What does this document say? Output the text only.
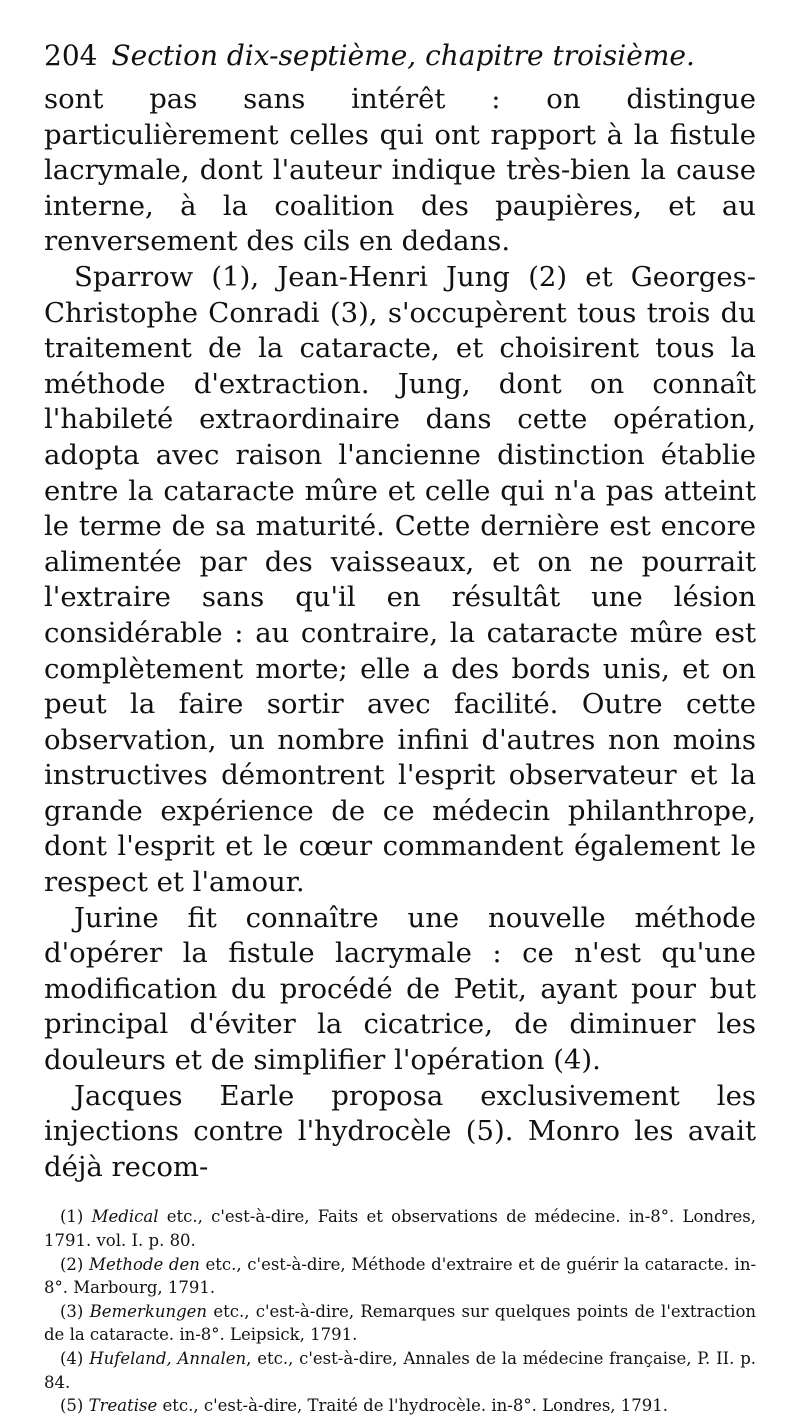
204 Section dix-septième, chapitre troisième.

sont pas sans intérêt : on distingue particulièrement celles qui ont rapport à la fistule lacrymale, dont l'auteur indique très-bien la cause interne, à la coalition des paupières, et au renversement des cils en dedans.

Sparrow (1), Jean-Henri Jung (2) et Georges-Christophe Conradi (3), s'occupèrent tous trois du traitement de la cataracte, et choisirent tous la méthode d'extraction. Jung, dont on connaît l'habileté extraordinaire dans cette opération, adopta avec raison l'ancienne distinction établie entre la cataracte mûre et celle qui n'a pas atteint le terme de sa maturité. Cette dernière est encore alimentée par des vaisseaux, et on ne pourrait l'extraire sans qu'il en résultât une lésion considérable : au contraire, la cataracte mûre est complètement morte; elle a des bords unis, et on peut la faire sortir avec facilité. Outre cette observation, un nombre infini d'autres non moins instructives démontrent l'esprit observateur et la grande expérience de ce médecin philanthrope, dont l'esprit et le cœur commandent également le respect et l'amour.

Jurine fit connaître une nouvelle méthode d'opérer la fistule lacrymale : ce n'est qu'une modification du procédé de Petit, ayant pour but principal d'éviter la cicatrice, de diminuer les douleurs et de simplifier l'opération (4).

Jacques Earle proposa exclusivement les injections contre l'hydrocèle (5). Monro les avait déjà recom-

(1) Medical etc., c'est-à-dire, Faits et observations de médecine. in-8°. Londres, 1791. vol. I. p. 80.

(2) Methode den etc., c'est-à-dire, Méthode d'extraire et de guérir la cataracte. in-8°. Marbourg, 1791.

(3) Bemerkungen etc., c'est-à-dire, Remarques sur quelques points de l'extraction de la cataracte. in-8°. Leipsick, 1791.

(4) Hufeland, Annalen, etc., c'est-à-dire, Annales de la médecine française, P. II. p. 84.

(5) Treatise etc., c'est-à-dire, Traité de l'hydrocèle. in-8°. Londres, 1791.
